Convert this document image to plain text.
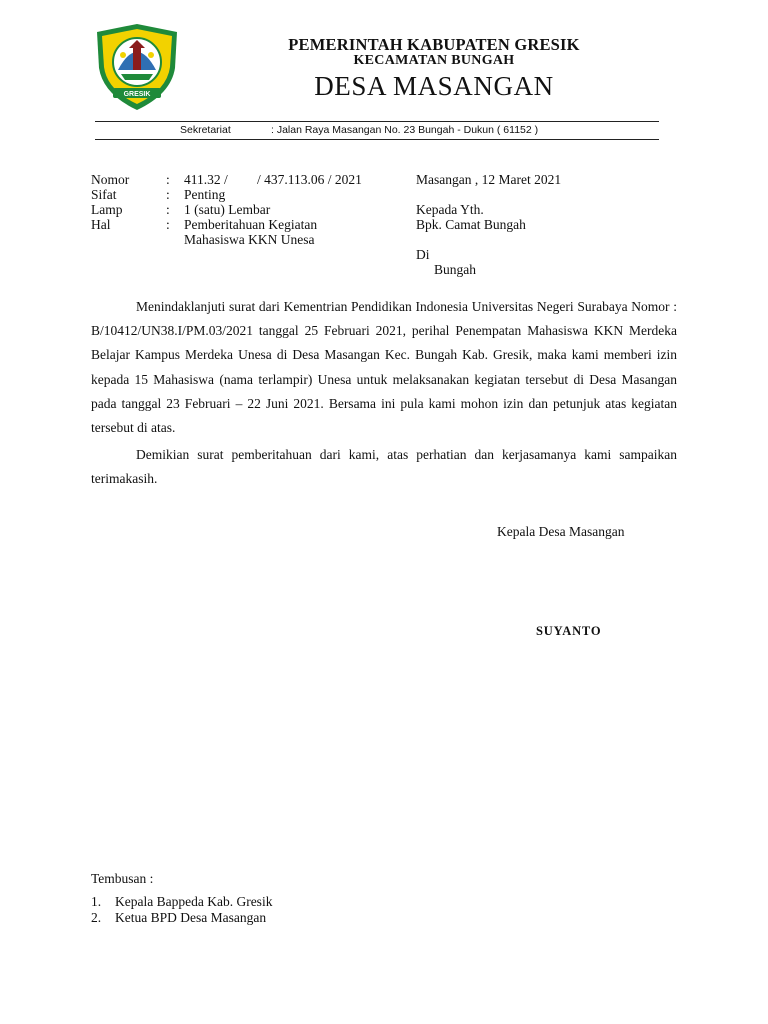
GRESIK
PEMERINTAH KABUPATEN GRESIK
KECAMATAN BUNGAH
DESA MASANGAN
Sekretariat	: Jalan Raya Masangan No. 23 Bungah - Dukun ( 61152 )
Nomor	: 411.32 / / 437.113.06 / 2021
Sifat	: Penting
Lamp	: 1 (satu) Lembar
Hal	: Pemberitahuan Kegiatan
Mahasiswa KKN Unesa
Masangan , 12 Maret 2021
Kepada Yth.
Bpk. Camat Bungah
Di
Bungah
Menindaklanjuti surat dari Kementrian Pendidikan Indonesia Universitas Negeri Surabaya Nomor : B/10412/UN38.I/PM.03/2021 tanggal 25 Februari 2021, perihal Penempatan Mahasiswa KKN Merdeka Belajar Kampus Merdeka Unesa di Desa Masangan Kec. Bungah Kab. Gresik, maka kami memberi izin kepada 15 Mahasiswa (nama terlampir) Unesa untuk melaksanakan kegiatan tersebut di Desa Masangan pada tanggal 23 Februari – 22 Juni 2021. Bersama ini pula kami mohon izin dan petunjuk atas kegiatan tersebut di atas.
Demikian surat pemberitahuan dari kami, atas perhatian dan kerjasamanya kami sampaikan terimakasih.
Kepala Desa Masangan
SUYANTO
Tembusan :
1. Kepala Bappeda Kab. Gresik
2. Ketua BPD Desa Masangan
